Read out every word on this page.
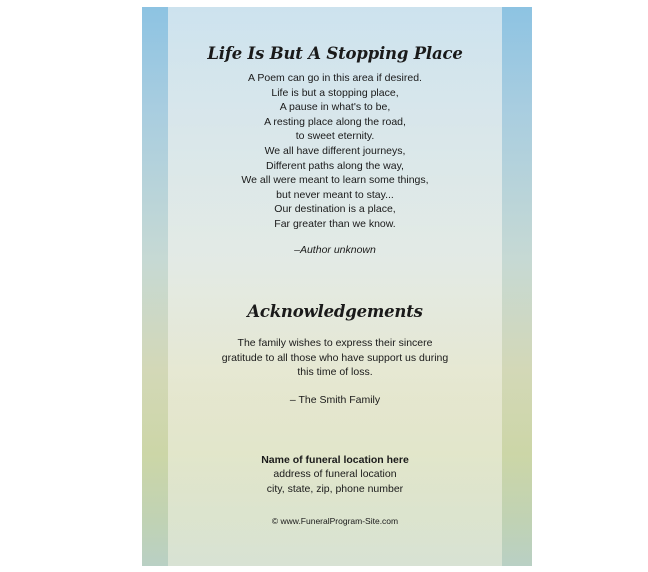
Life Is But A Stopping Place
A Poem can go in this area if desired.
Life is but a stopping place,
A pause in what's to be,
A resting place along the road,
to sweet eternity.
We all have different journeys,
Different paths along the way,
We all were meant to learn some things,
but never meant to stay...
Our destination is a place,
Far greater than we know.
–Author unknown
Acknowledgements
The family wishes to express their sincere
gratitude to all those who have support us during
this time of loss.
– The Smith Family
Name of funeral location here
address of funeral location
city, state, zip, phone number
© www.FuneralProgram-Site.com
